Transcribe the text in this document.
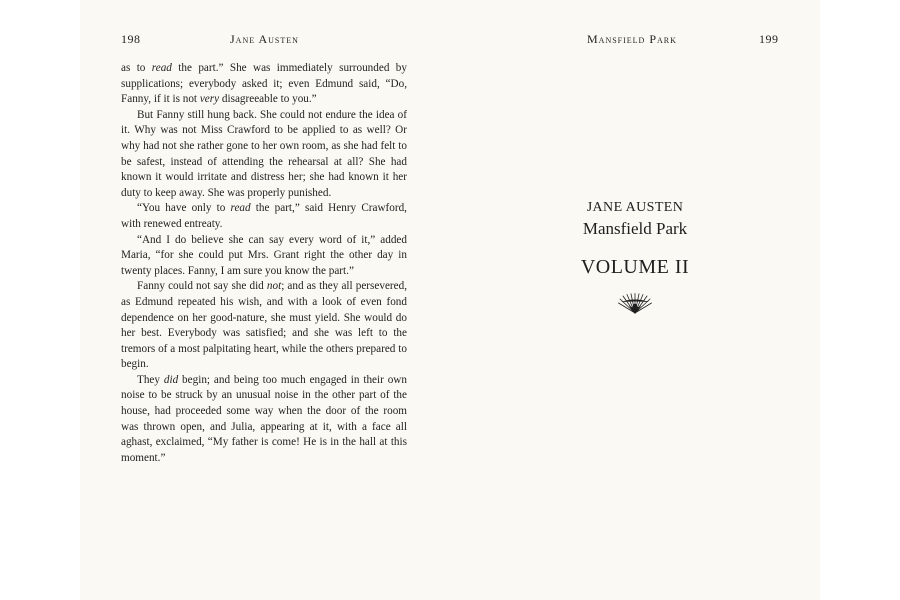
198	Jane Austen

as to read the part.” She was immediately surrounded by supplications; everybody asked it; even Edmund said, “Do, Fanny, if it is not very disagreeable to you.”

But Fanny still hung back. She could not endure the idea of it. Why was not Miss Crawford to be applied to as well? Or why had not she rather gone to her own room, as she had felt to be safest, instead of attending the rehearsal at all? She had known it would irritate and distress her; she had known it her duty to keep away. She was properly punished.

“You have only to read the part,” said Henry Crawford, with renewed entreaty.

“And I do believe she can say every word of it,” added Maria, “for she could put Mrs. Grant right the other day in twenty places. Fanny, I am sure you know the part.”

Fanny could not say she did not; and as they all persevered, as Edmund repeated his wish, and with a look of even fond dependence on her good-nature, she must yield. She would do her best. Everybody was satisfied; and she was left to the tremors of a most palpitating heart, while the others prepared to begin.

They did begin; and being too much engaged in their own noise to be struck by an unusual noise in the other part of the house, had proceeded some way when the door of the room was thrown open, and Julia, appearing at it, with a face all aghast, exclaimed, “My father is come! He is in the hall at this moment.”

Mansfield Park	199
JANE AUSTEN
Mansfield Park
VOLUME II
